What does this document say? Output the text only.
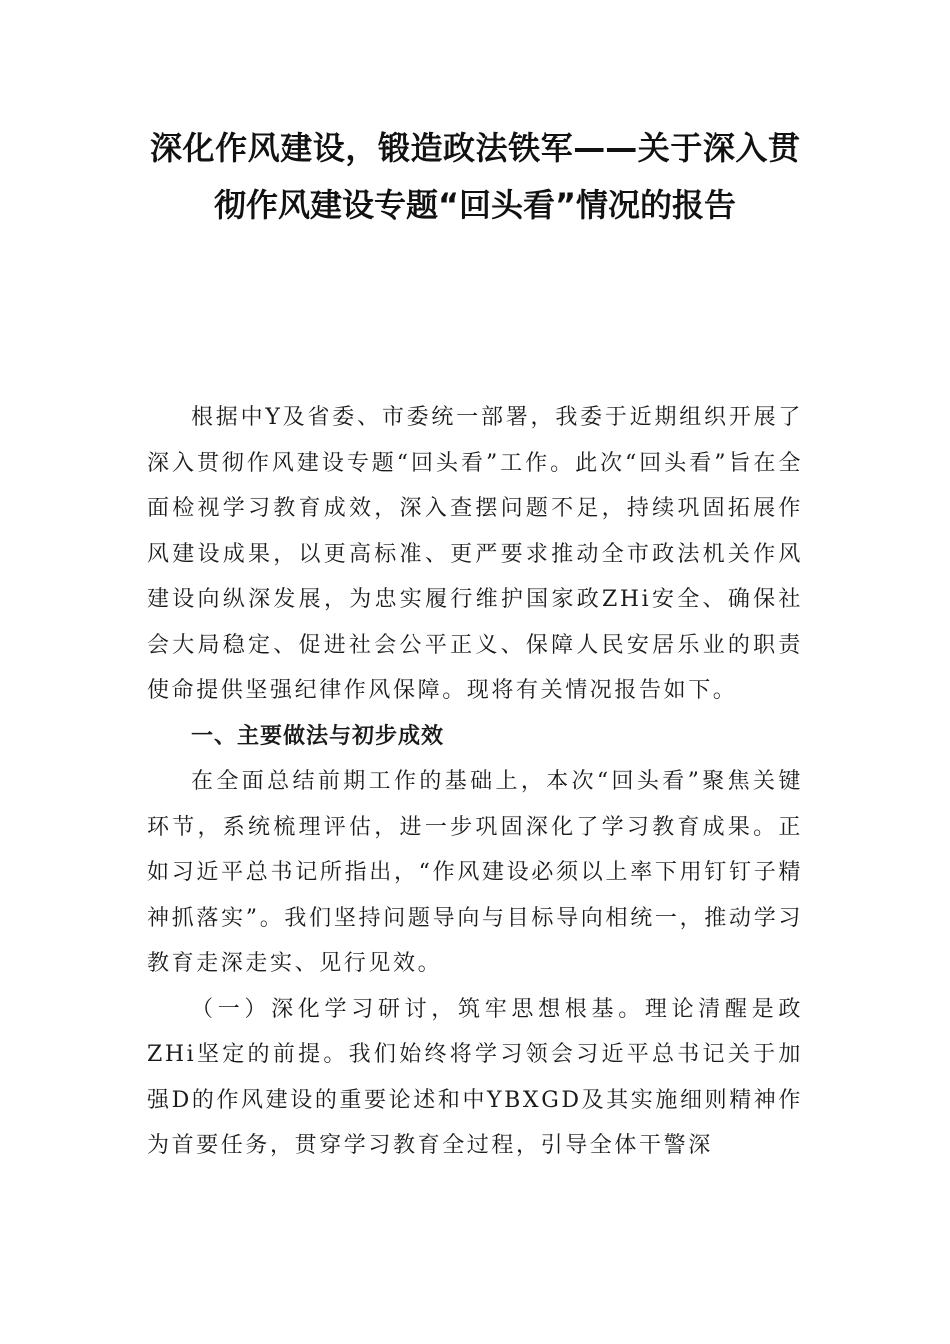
深化作风建设，锻造政法铁军——关于深入贯彻作风建设专题“回头看”情况的报告

根据中Y及省委、市委统一部署，我委于近期组织开展了深入贯彻作风建设专题“回头看”工作。此次“回头看”旨在全面检视学习教育成效，深入查摆问题不足，持续巩固拓展作风建设成果，以更高标准、更严要求推动全市政法机关作风建设向纵深发展，为忠实履行维护国家政ZHi安全、确保社会大局稳定、促进社会公平正义、保障人民安居乐业的职责使命提供坚强纪律作风保障。现将有关情况报告如下。

一、主要做法与初步成效

在全面总结前期工作的基础上，本次“回头看”聚焦关键环节，系统梳理评估，进一步巩固深化了学习教育成果。正如习近平总书记所指出，“作风建设必须以上率下用钉钉子精神抓落实”。我们坚持问题导向与目标导向相统一，推动学习教育走深走实、见行见效。

（一）深化学习研讨，筑牢思想根基。理论清醒是政ZHi坚定的前提。我们始终将学习领会习近平总书记关于加强D的作风建设的重要论述和中YBXGD及其实施细则精神作为首要任务，贯穿学习教育全过程，引导全体干警深
